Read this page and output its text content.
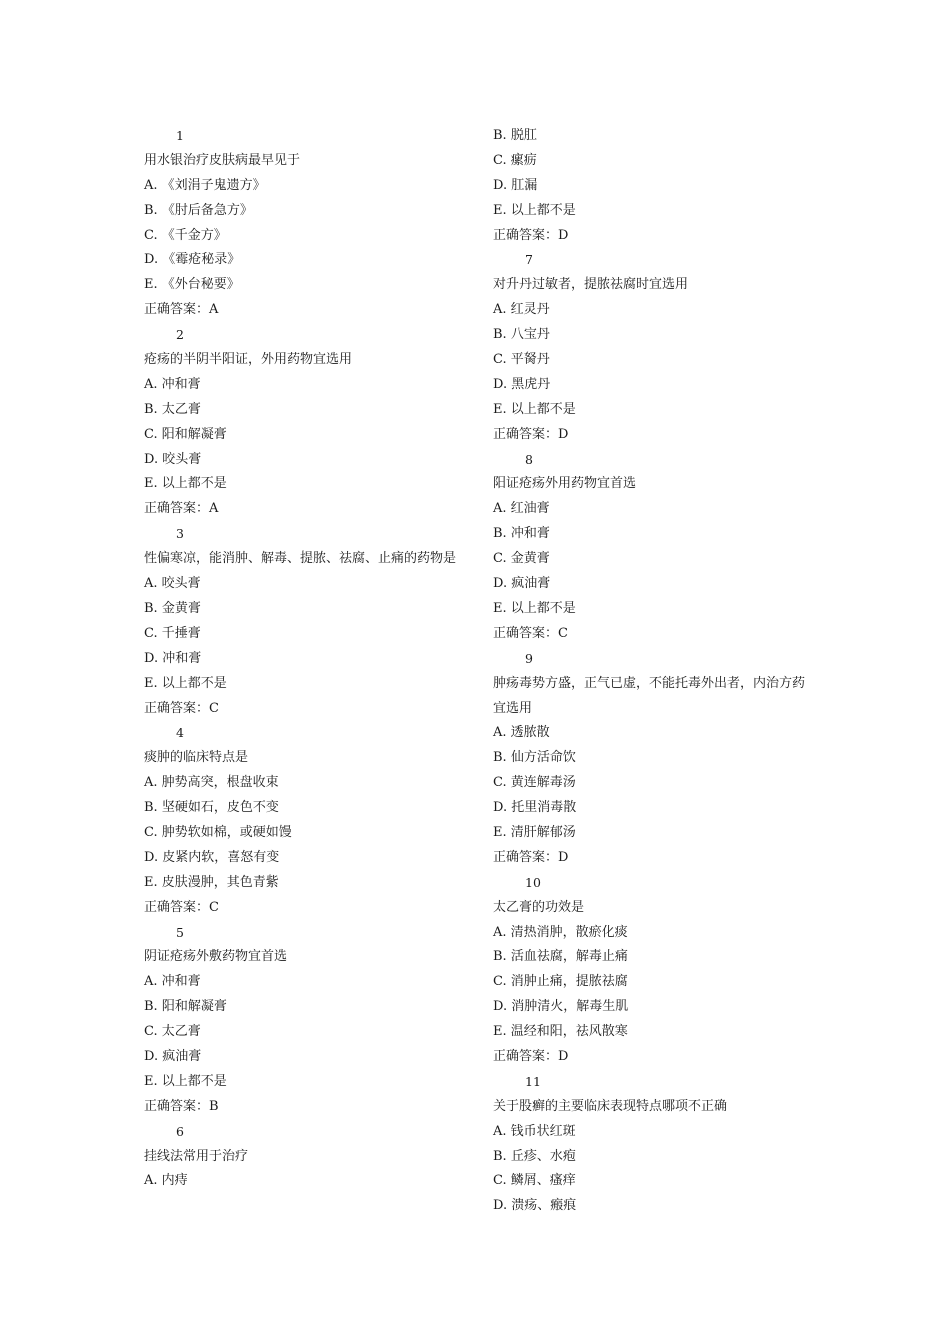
1
用水银治疗皮肤病最早见于
A. 《刘涓子鬼遗方》
B. 《肘后备急方》
C. 《千金方》
D. 《霉疮秘录》
E. 《外台秘要》
正确答案：A
2
疮疡的半阴半阳证，外用药物宜选用
A. 冲和膏
B. 太乙膏
C. 阳和解凝膏
D. 咬头膏
E. 以上都不是
正确答案：A
3
性偏寒凉，能消肿、解毒、提脓、祛腐、止痛的药物是
A. 咬头膏
B. 金黄膏
C. 千捶膏
D. 冲和膏
E. 以上都不是
正确答案：C
4
痰肿的临床特点是
A. 肿势高突，根盘收束
B. 坚硬如石，皮色不变
C. 肿势软如棉，或硬如馒
D. 皮紧内软，喜怒有变
E. 皮肤漫肿，其色青紫
正确答案：C
5
阴证疮疡外敷药物宜首选
A. 冲和膏
B. 阳和解凝膏
C. 太乙膏
D. 疯油膏
E. 以上都不是
正确答案：B
6
挂线法常用于治疗
A. 内痔
B. 脱肛
C. 瘰疬
D. 肛漏
E. 以上都不是
正确答案：D
7
对升丹过敏者，提脓祛腐时宜选用
A. 红灵丹
B. 八宝丹
C. 平胬丹
D. 黑虎丹
E. 以上都不是
正确答案：D
8
阳证疮疡外用药物宜首选
A. 红油膏
B. 冲和膏
C. 金黄膏
D. 疯油膏
E. 以上都不是
正确答案：C
9
肿疡毒势方盛，正气已虚，不能托毒外出者，内治方药宜选用
A. 透脓散
B. 仙方活命饮
C. 黄连解毒汤
D. 托里消毒散
E. 清肝解郁汤
正确答案：D
10
太乙膏的功效是
A. 清热消肿，散瘀化痰
B. 活血祛腐，解毒止痛
C. 消肿止痛，提脓祛腐
D. 消肿清火，解毒生肌
E. 温经和阳，祛风散寒
正确答案：D
11
关于股癣的主要临床表现特点哪项不正确
A. 钱币状红斑
B. 丘疹、水疱
C. 鳞屑、瘙痒
D. 溃疡、瘢痕
